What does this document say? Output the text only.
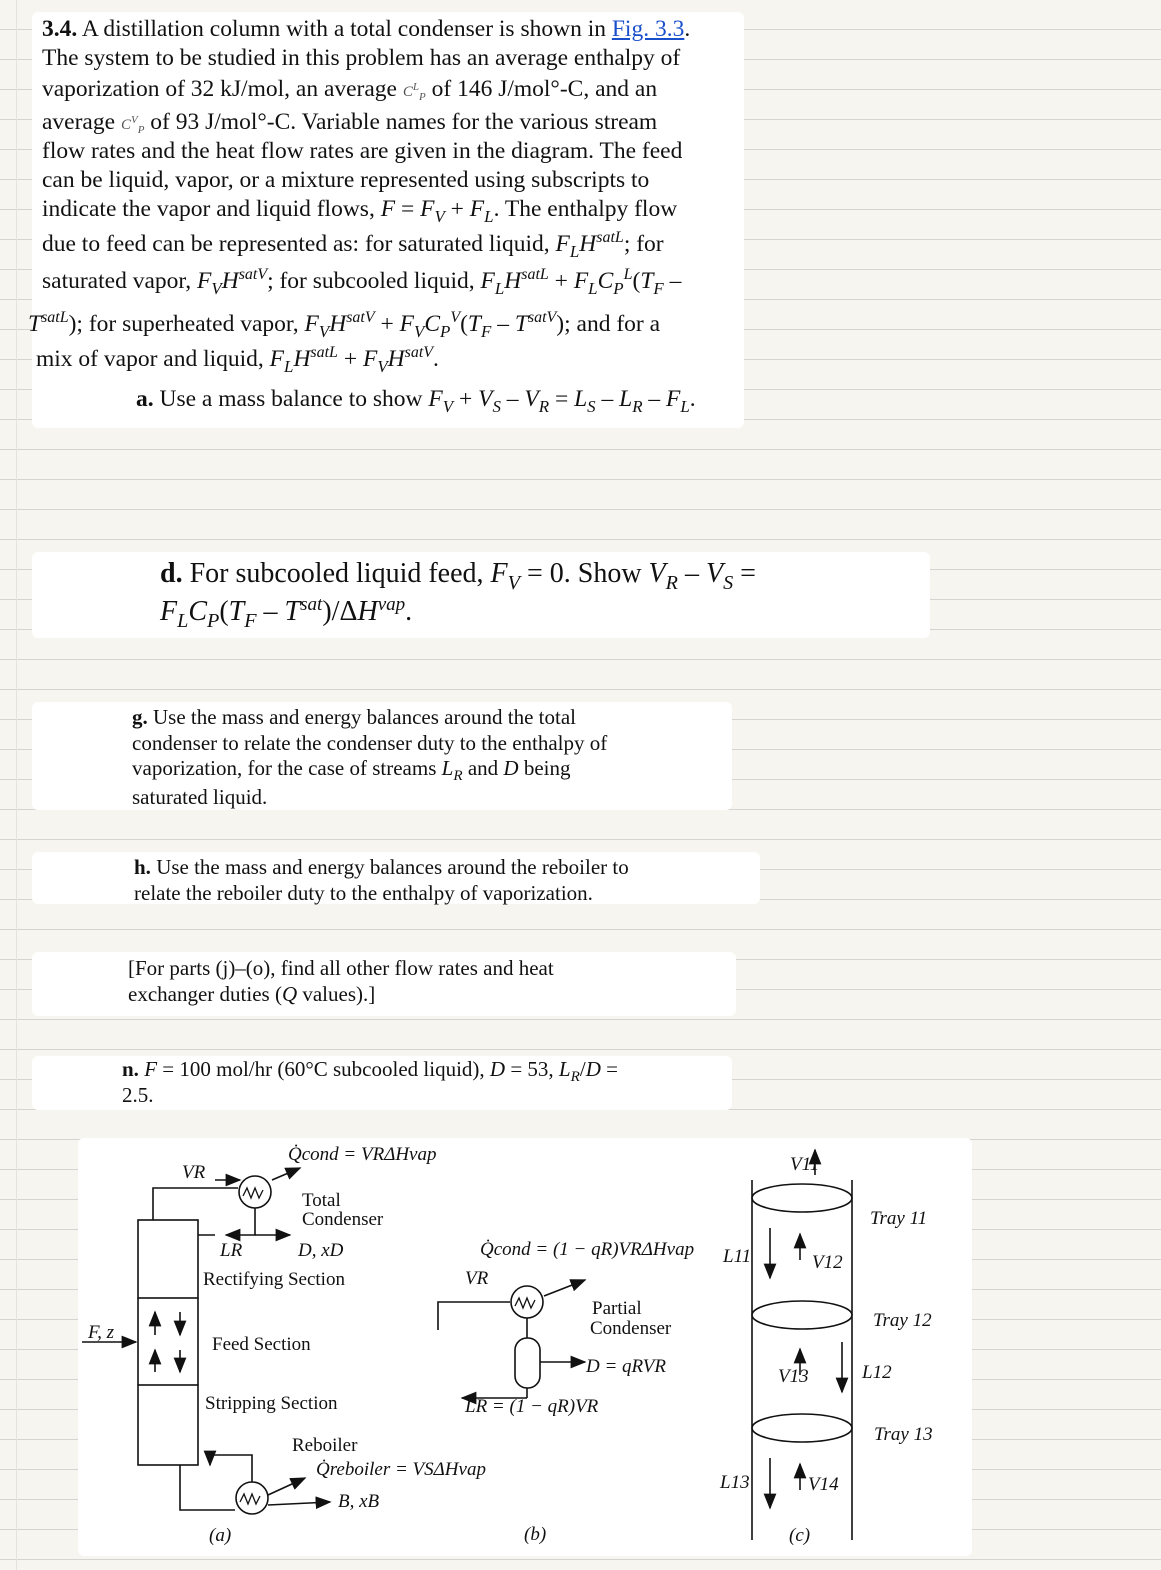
3.4. A distillation column with a total condenser is shown in Fig. 3.3.
The system to be studied in this problem has an average enthalpy of
vaporization of 32 kJ/mol, an average $C^L_P$ of 146 J/mol°-C, and an
average $C^V_P$ of 93 J/mol°-C. Variable names for the various stream
flow rates and the heat flow rates are given in the diagram. The feed
can be liquid, vapor, or a mixture represented using subscripts to
indicate the vapor and liquid flows, $F = F_V + F_L$. The enthalpy flow
due to feed can be represented as: for saturated liquid, $F_LH^{satL}$; for
saturated vapor, $F_VH^{satV}$; for subcooled liquid, $F_LH^{satL} + F_LC_P^L(T_F$ –
$T^{satL}$); for superheated vapor, $F_VH^{satV} + F_VC_P^V(T_F - T^{satV})$; and for a
mix of vapor and liquid, $F_LH^{satL} + F_VH^{satV}$.
a. Use a mass balance to show $F_V + V_S - V_R = L_S - L_R - F_L$.
d. For subcooled liquid feed, $F_V = 0$. Show $V_R - V_S$ =
$F_LC_P(T_F - T^{sat})/\Delta H^{vap}$.
g. Use the mass and energy balances around the total
condenser to relate the condenser duty to the enthalpy of
vaporization, for the case of streams $L_R$ and D being
saturated liquid.
h. Use the mass and energy balances around the reboiler to
relate the reboiler duty to the enthalpy of vaporization.
[For parts (j)–(o), find all other flow rates and heat
exchanger duties (Q values).]
n. F = 100 mol/hr (60°C subcooled liquid), D = 53, $L_R/D$ =
2.5.
Q̇cond = VRΔHvap
VR
Total
Condenser
LR	D, xD
Rectifying Section
F, z
Feed Section
Stripping Section
Reboiler
Q̇reboiler = VSΔHvap
B, xB
(a)
Q̇cond = (1 − qR)VRΔHvap
VR
Partial
Condenser
D = qRVR
LR = (1 − qR)VR
(b)
Tray 11
Tray 12
Tray 13
V11
V12
L11
V13	L12
L13	V14
(c)
